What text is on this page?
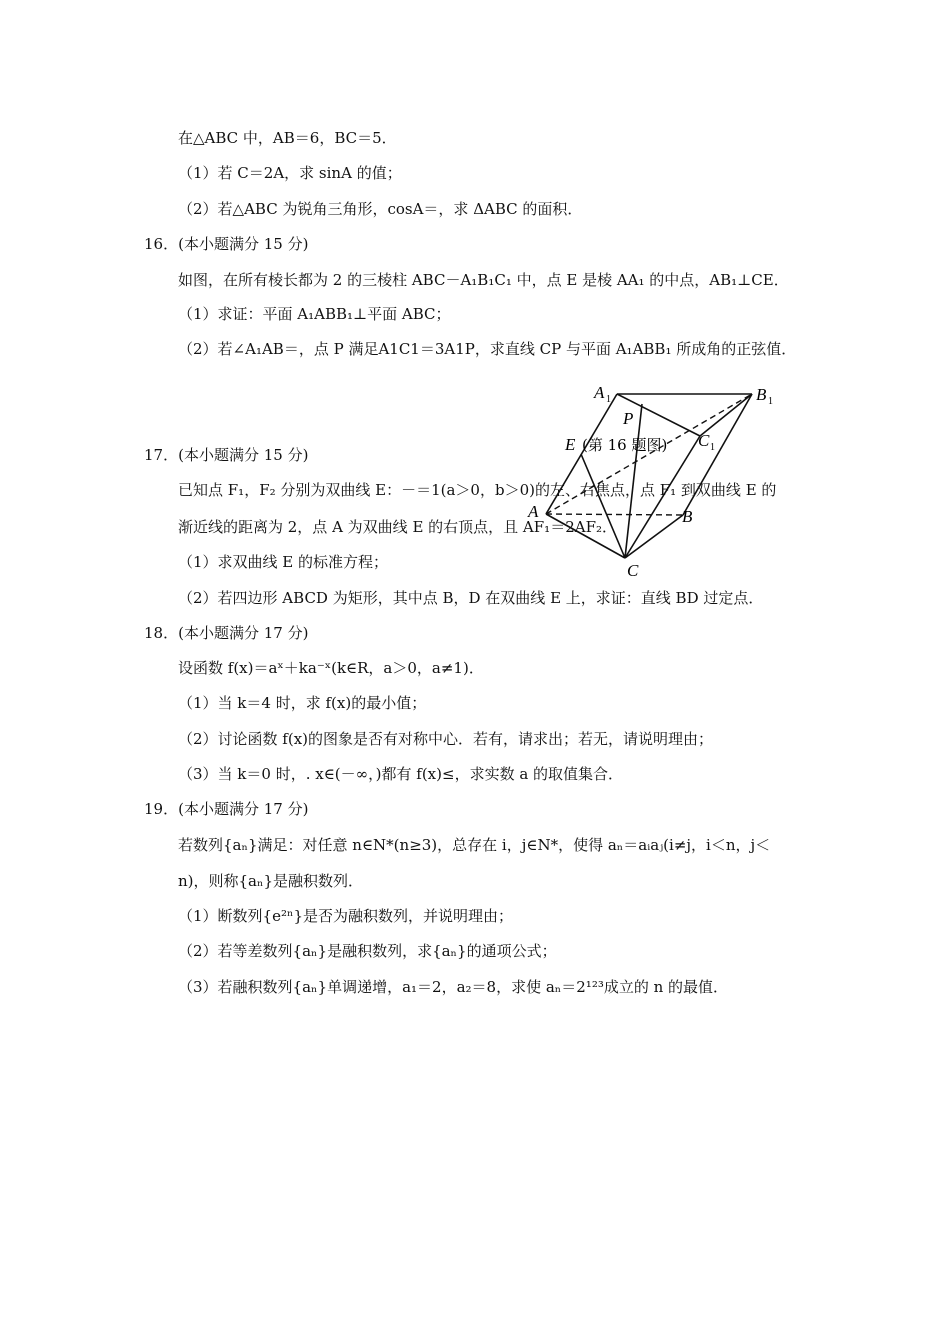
在△ABC 中，AB＝6，BC＝5．
（1）若 C＝2A，求 sinA 的值；
（2）若△ABC 为锐角三角形，cosA＝，求 ΔABC 的面积．
16．(本小题满分 15 分)
如图，在所有棱长都为 2 的三棱柱 ABC－A₁B₁C₁ 中，点 E 是棱 AA₁ 的中点，AB₁⊥CE．
（1）求证：平面 A₁ABB₁⊥平面 ABC；
（2）若∠A₁AB＝，点 P 满足A1C1＝3A1P，求直线 CP 与平面 A₁ABB₁ 所成角的正弦值．
17．(本小题满分 15 分)
已知点 F₁，F₂ 分别为双曲线 E：－＝1(a＞0，b＞0)的左、右焦点，点 F₁ 到双曲线 E 的
渐近线的距离为 2，点 A 为双曲线 E 的右顶点，且 AF₁＝2AF₂．
（1）求双曲线 E 的标准方程；
（2）若四边形 ABCD 为矩形，其中点 B，D 在双曲线 E 上，求证：直线 BD 过定点．
18．(本小题满分 17 分)
设函数 f(x)＝aˣ＋ka⁻ˣ(k∈R，a＞0，a≠1)．
（1）当 k＝4 时，求 f(x)的最小值；
（2）讨论函数 f(x)的图象是否有对称中心．若有，请求出；若无，请说明理由；
（3）当 k＝0 时，. x∈(－∞，)都有 f(x)≤，求实数 a 的取值集合．
19．(本小题满分 17 分)
若数列{aₙ}满足：对任意 n∈N*(n≥3)，总存在 i，j∈N*，使得 aₙ＝aᵢaⱼ(i≠j，i＜n，j＜
n)，则称{aₙ}是融积数列．
（1）断数列{e²ⁿ}是否为融积数列，并说明理由；
（2）若等差数列{aₙ}是融积数列，求{aₙ}的通项公式；
（3）若融积数列{aₙ}单调递增，a₁＝2，a₂＝8，求使 aₙ＝2¹²³成立的 n 的最值．
A 1	B 1
P
E	C 1
(第 16 题图)
A	B
C
